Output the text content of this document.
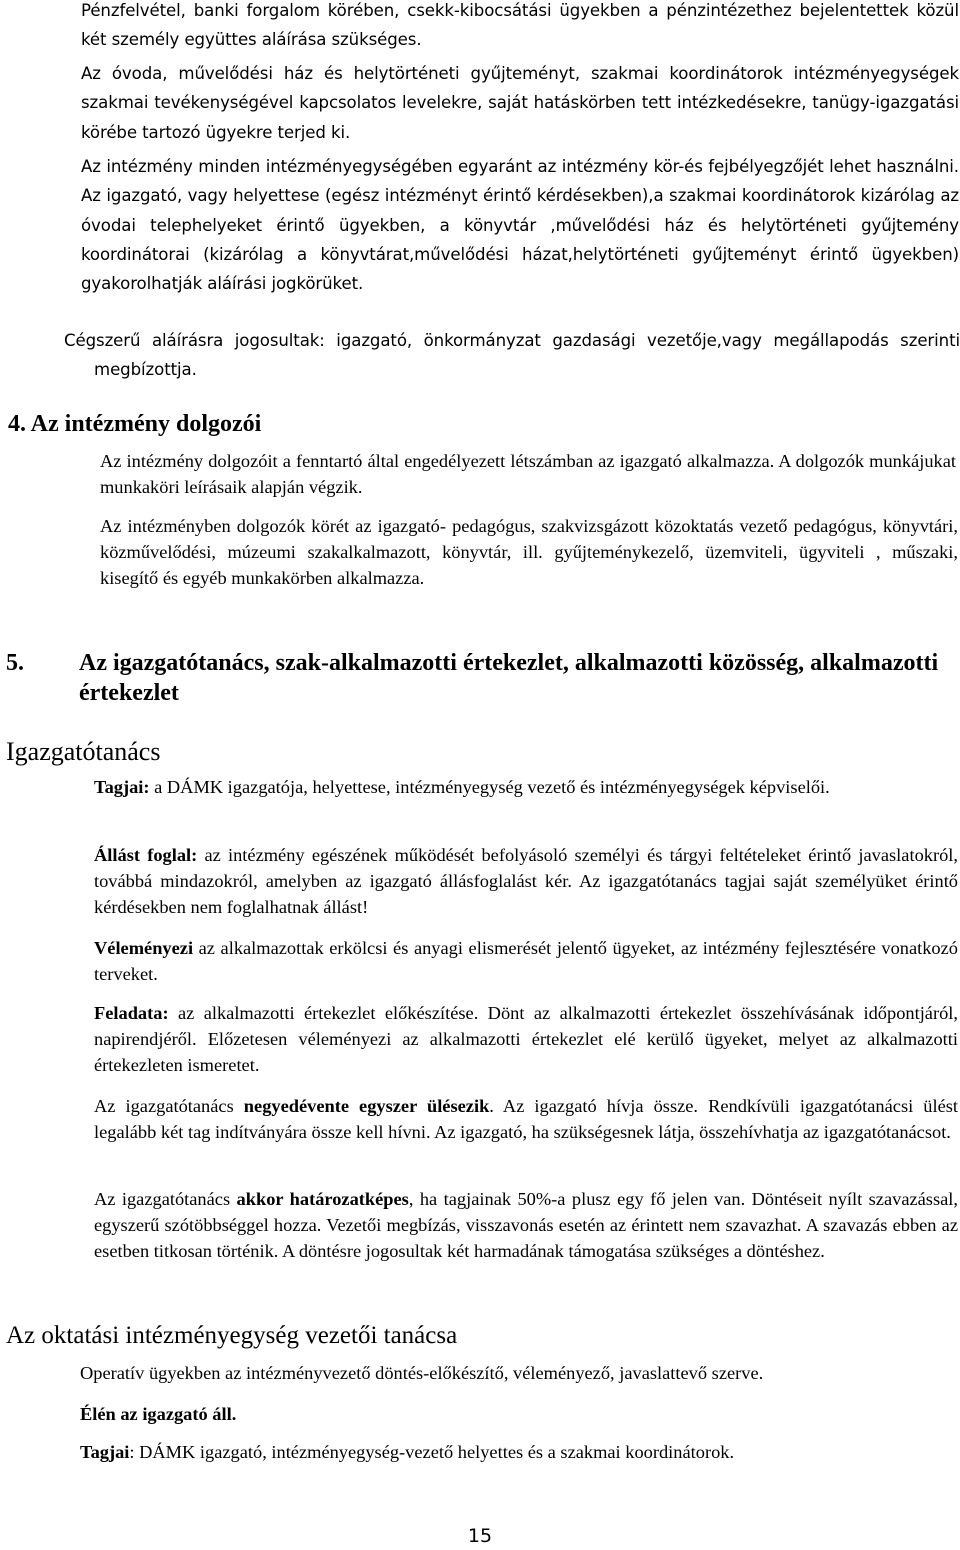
Pénzfelvétel, banki forgalom körében, csekk-kibocsátási ügyekben a pénzintézethez bejelentettek közül két személy együttes aláírása szükséges.

Az óvoda, művelődési ház és helytörténeti gyűjteményt, szakmai koordinátorok intézményegységek szakmai tevékenységével kapcsolatos levelekre, saját hatáskörben tett intézkedésekre, tanügy-igazgatási körébe tartozó ügyekre terjed ki.

Az intézmény minden intézményegységében egyaránt az intézmény kör-és fejbélyegzőjét lehet használni. Az igazgató, vagy helyettese (egész intézményt érintő kérdésekben),a szakmai koordinátorok kizárólag az óvodai telephelyeket érintő ügyekben, a könyvtár ,művelődési ház és helytörténeti gyűjtemény koordinátorai (kizárólag a könyvtárat,művelődési házat,helytörténeti gyűjteményt érintő ügyekben) gyakorolhatják aláírási jogkörüket.

Cégszerű aláírásra jogosultak: igazgató, önkormányzat gazdasági vezetője,vagy megállapodás szerinti megbízottja.

4. Az intézmény dolgozói

Az intézmény dolgozóit a fenntartó által engedélyezett létszámban az igazgató alkalmazza. A dolgozók munkájukat munkaköri leírásaik alapján végzik.

Az intézményben dolgozók körét az igazgató- pedagógus, szakvizsgázott közoktatás vezető pedagógus, könyvtári, közművelődési, múzeumi szakalkalmazott, könyvtár, ill. gyűjteménykezelő, üzemviteli, ügyviteli , műszaki, kisegítő és egyéb munkakörben alkalmazza.

5. Az igazgatótanács, szak-alkalmazotti értekezlet, alkalmazotti közösség, alkalmazotti értekezlet
Igazgatótanács

Tagjai: a DÁMK igazgatója, helyettese, intézményegység vezető és intézményegységek képviselői.

Állást foglal: az intézmény egészének működését befolyásoló személyi és tárgyi feltételeket érintő javaslatokról, továbbá mindazokról, amelyben az igazgató állásfoglalást kér. Az igazgatótanács tagjai saját személyüket érintő kérdésekben nem foglalhatnak állást!

Véleményezi az alkalmazottak erkölcsi és anyagi elismerését jelentő ügyeket, az intézmény fejlesztésére vonatkozó terveket.

Feladata: az alkalmazotti értekezlet előkészítése. Dönt az alkalmazotti értekezlet összehívásának időpontjáról, napirendjéről. Előzetesen véleményezi az alkalmazotti értekezlet elé kerülő ügyeket, melyet az alkalmazotti értekezleten ismeretet.

Az igazgatótanács negyedévente egyszer ülésezik. Az igazgató hívja össze. Rendkívüli igazgatótanácsi ülést legalább két tag indítványára össze kell hívni. Az igazgató, ha szükségesnek látja, összehívhatja az igazgatótanácsot.

Az igazgatótanács akkor határozatképes, ha tagjainak 50%-a plusz egy fő jelen van. Döntéseit nyílt szavazással, egyszerű szótöbbséggel hozza. Vezetői megbízás, visszavonás esetén az érintett nem szavazhat. A szavazás ebben az esetben titkosan történik. A döntésre jogosultak két harmadának támogatása szükséges a döntéshez.

Az oktatási intézményegység vezetői tanácsa

Operatív ügyekben az intézményvezető döntés-előkészítő, véleményező, javaslattevő szerve.

Élén az igazgató áll.

Tagjai: DÁMK igazgató, intézményegység-vezető helyettes és a szakmai koordinátorok.

15
